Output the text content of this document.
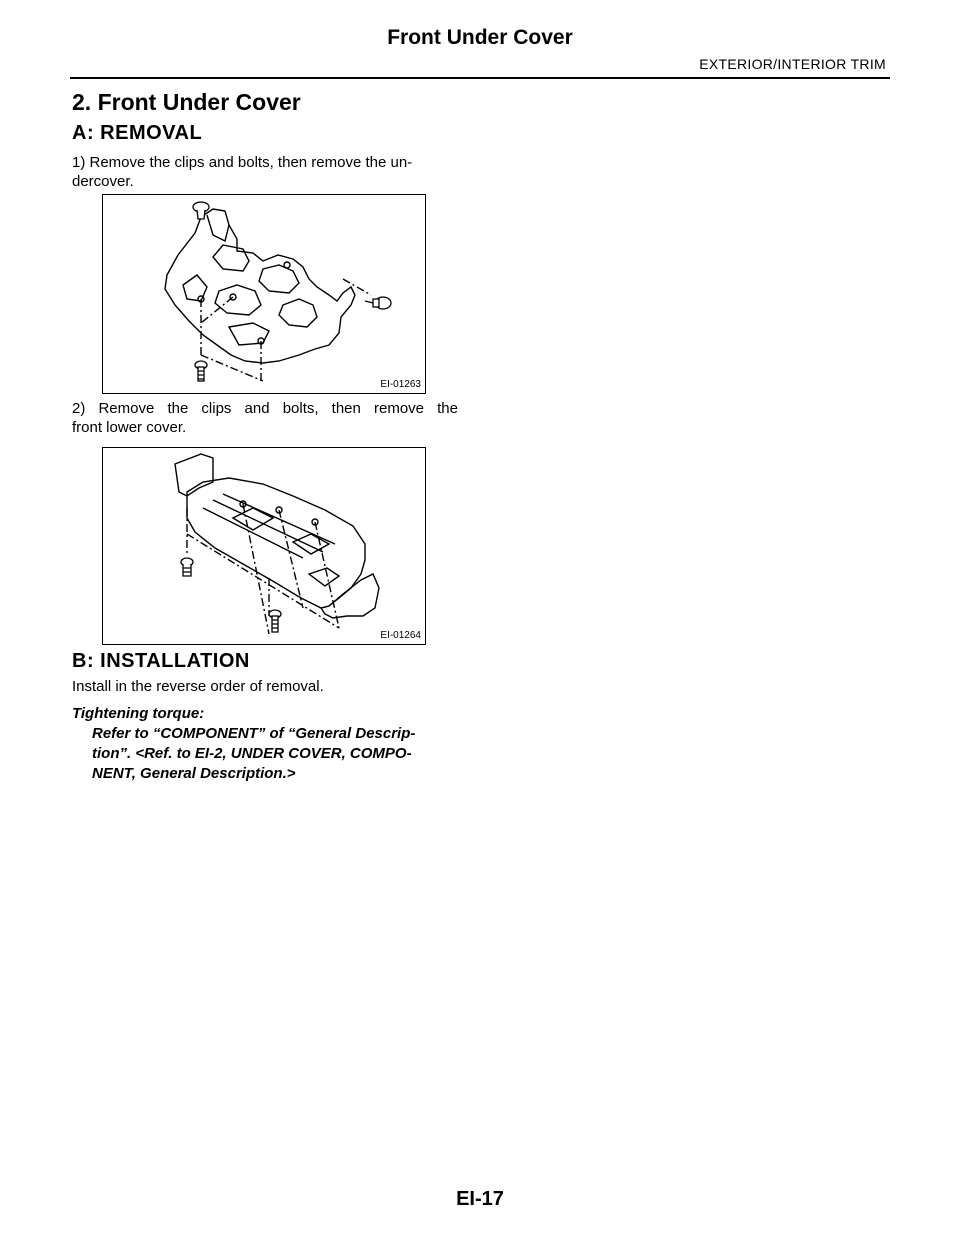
Front Under Cover
EXTERIOR/INTERIOR TRIM
2. Front Under Cover
A: REMOVAL
1) Remove the clips and bolts, then remove the un-
dercover.
EI-01263
2) Remove the clips and bolts, then remove the
front lower cover.
EI-01264
B: INSTALLATION
Install in the reverse order of removal.
Tightening torque:
Refer to “COMPONENT” of “General Descrip-
tion”. <Ref. to EI-2, UNDER COVER, COMPO-
NENT, General Description.>
EI-17
